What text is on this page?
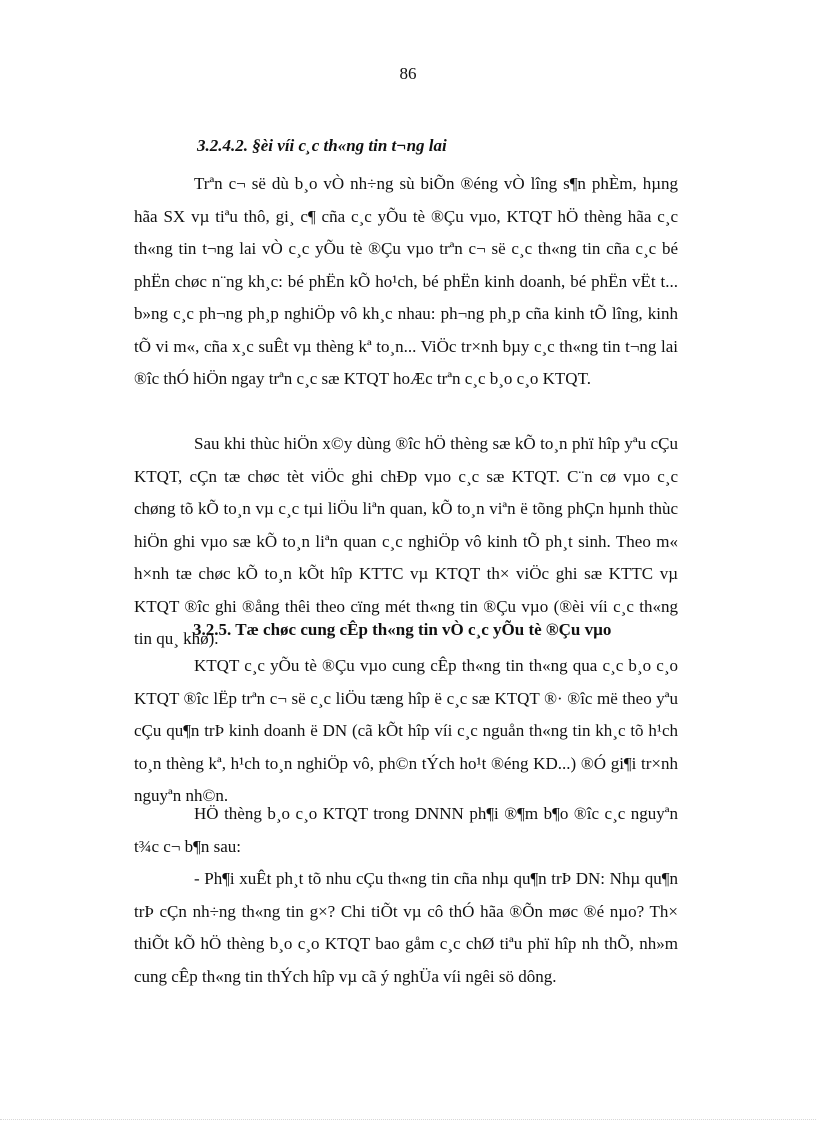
86
3.2.4.2. §èi víi c¸c th«ng tin t¬ng lai

Trªn c¬ së dù b¸o vÒ nh÷ng sù biÕn ®éng vÒ lîng s¶n phÈm, hµng hãa SX vµ tiªu thô, gi¸ c¶ cña c¸c yÕu tè ®Çu vµo, KTQT hÖ thèng hãa c¸c th«ng tin t¬ng lai vÒ c¸c yÕu tè ®Çu vµo trªn c¬ së c¸c th«ng tin cña c¸c bé phËn chøc n¨ng kh¸c: bé phËn kÕ ho¹ch, bé phËn kinh doanh, bé phËn vËt t... b»ng c¸c ph¬ng ph¸p nghiÖp vô kh¸c nhau: ph¬ng ph¸p cña kinh tÕ lîng, kinh tÕ vi m«, cña x¸c suÊt vµ thèng kª to¸n... ViÖc tr×nh bµy c¸c th«ng tin t¬ng lai ®îc thÓ hiÖn ngay trªn c¸c sæ KTQT hoÆc trªn c¸c b¸o c¸o KTQT.

Sau khi thùc hiÖn x©y dùng ®îc hÖ thèng sæ kÕ to¸n phï hîp yªu cÇu KTQT, cÇn tæ chøc tèt viÖc ghi chÐp vµo c¸c sæ KTQT. C¨n cø vµo c¸c chøng tõ kÕ to¸n vµ c¸c tµi liÖu liªn quan, kÕ to¸n viªn ë tõng phÇn hµnh thùc hiÖn ghi vµo sæ kÕ to¸n liªn quan c¸c nghiÖp vô kinh tÕ ph¸t sinh. Theo m« h×nh tæ chøc kÕ to¸n kÕt hîp KTTC vµ KTQT th× viÖc ghi sæ KTTC vµ KTQT ®îc ghi ®ång thêi theo cïng mét th«ng tin ®Çu vµo (®èi víi c¸c th«ng tin qu¸ khø).

3.2.5. Tæ chøc cung cÊp th«ng tin vÒ c¸c yÕu tè ®Çu vµo

KTQT c¸c yÕu tè ®Çu vµo cung cÊp th«ng tin th«ng qua c¸c b¸o c¸o KTQT ®îc lËp trªn c¬ së c¸c liÖu tæng hîp ë c¸c sæ KTQT ®· ®îc më theo yªu cÇu qu¶n trÞ kinh doanh ë DN (cã kÕt hîp víi c¸c nguån th«ng tin kh¸c tõ h¹ch to¸n thèng kª, h¹ch to¸n nghiÖp vô, ph©n tÝch ho¹t ®éng KD...) ®Ó gi¶i tr×nh nguyªn nh©n.

HÖ thèng b¸o c¸o KTQT trong DNNN ph¶i ®¶m b¶o ®îc c¸c nguyªn t¾c c¬ b¶n sau:

- Ph¶i xuÊt ph¸t tõ nhu cÇu th«ng tin cña nhµ qu¶n trÞ DN: Nhµ qu¶n trÞ cÇn nh÷ng th«ng tin g×? Chi tiÕt vµ cô thÓ hãa ®Õn møc ®é nµo? Th× thiÕt kÕ hÖ thèng b¸o c¸o KTQT bao gåm c¸c chØ tiªu phï hîp nh thÕ, nh»m cung cÊp th«ng tin thÝch hîp vµ cã ý nghÜa víi ngêi sö dông.
